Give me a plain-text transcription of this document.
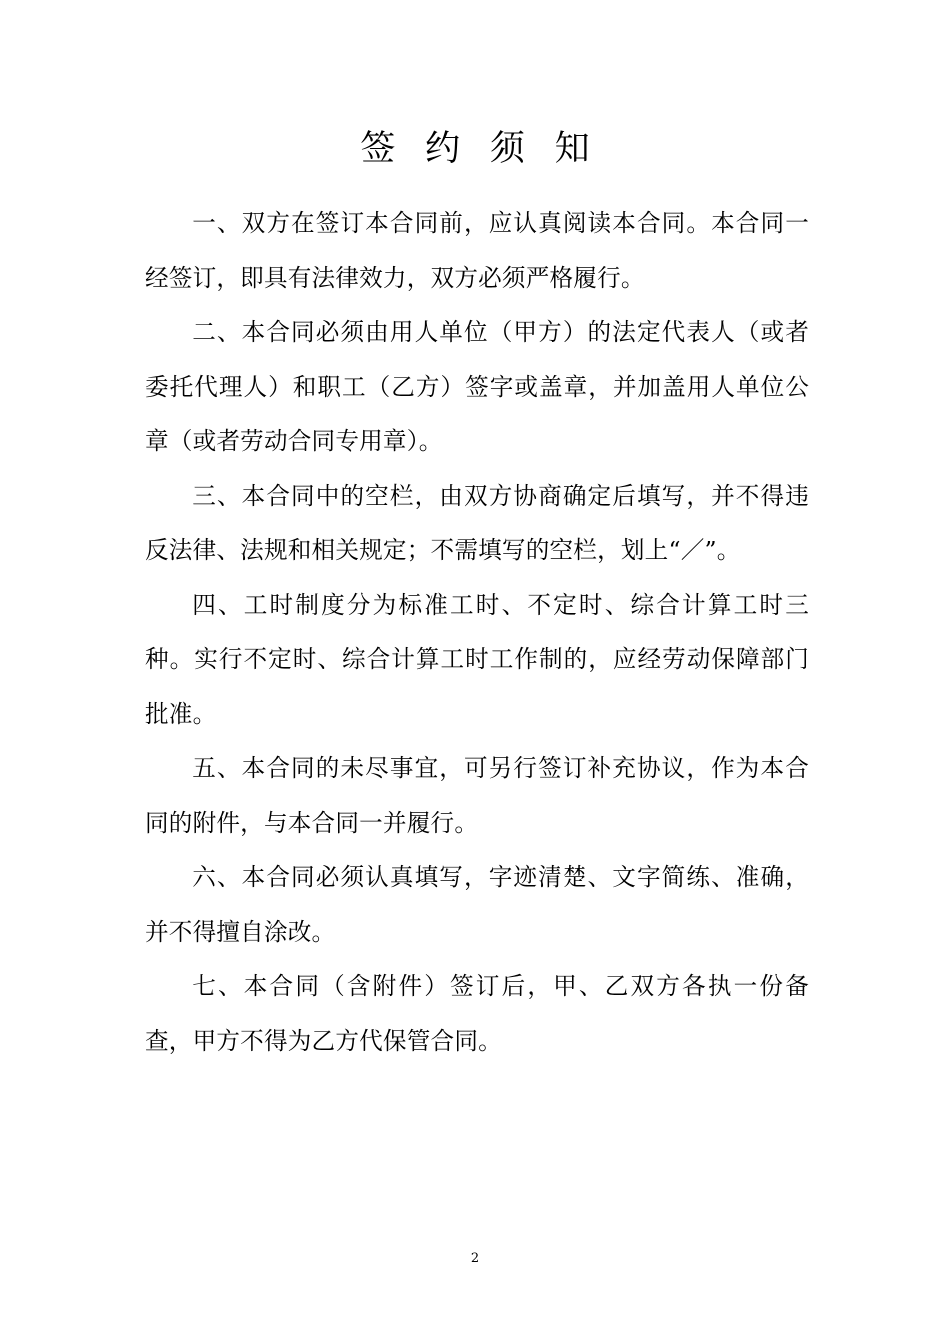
签约须知

一、双方在签订本合同前，应认真阅读本合同。本合同一经签订，即具有法律效力，双方必须严格履行。

二、本合同必须由用人单位（甲方）的法定代表人（或者委托代理人）和职工（乙方）签字或盖章，并加盖用人单位公章（或者劳动合同专用章）。

三、本合同中的空栏，由双方协商确定后填写，并不得违反法律、法规和相关规定；不需填写的空栏，划上“／”。

四、工时制度分为标准工时、不定时、综合计算工时三种。实行不定时、综合计算工时工作制的，应经劳动保障部门批准。

五、本合同的未尽事宜，可另行签订补充协议，作为本合同的附件，与本合同一并履行。

六、本合同必须认真填写，字迹清楚、文字简练、准确，并不得擅自涂改。

七、本合同（含附件）签订后，甲、乙双方各执一份备查，甲方不得为乙方代保管合同。

2
